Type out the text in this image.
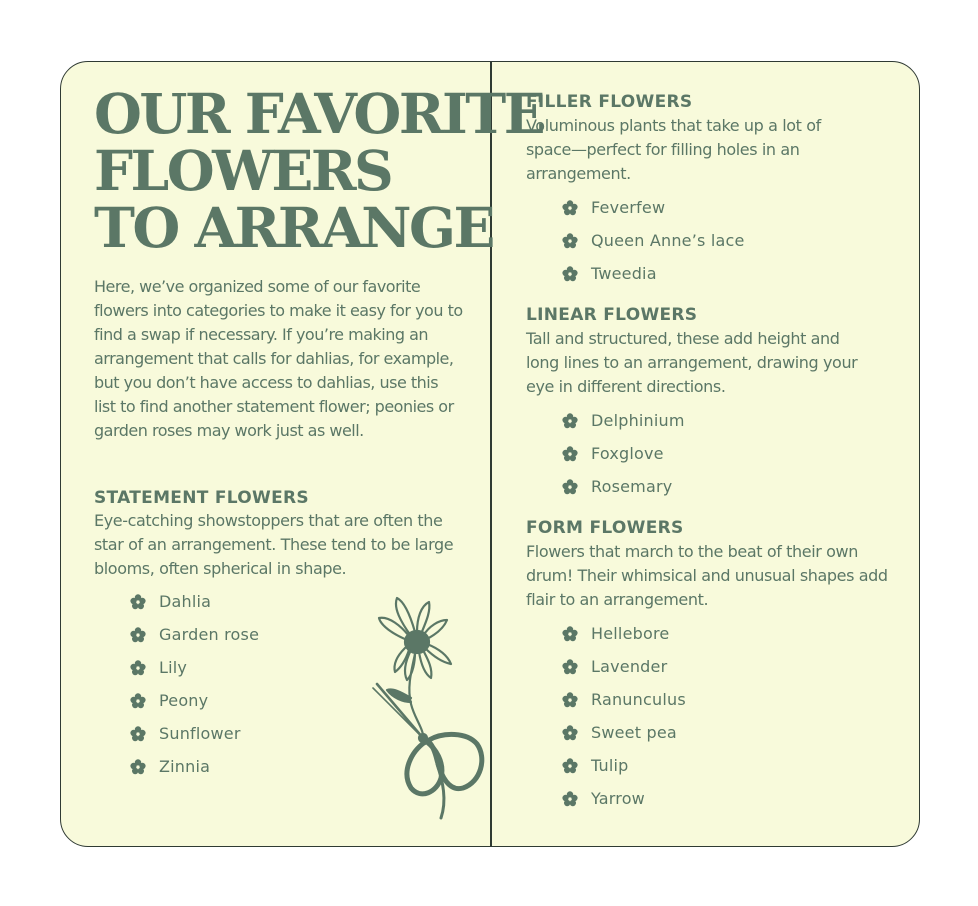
OUR FAVORITE
FLOWERS
TO ARRANGE

Here, we’ve organized some of our favorite flowers into categories to make it easy for you to find a swap if necessary. If you’re making an arrangement that calls for dahlias, for example, but you don’t have access to dahlias, use this list to find another statement flower; peonies or garden roses may work just as well.

STATEMENT FLOWERS

Eye-catching showstoppers that are often the star of an arrangement. These tend to be large blooms, often spherical in shape.

Dahlia
Garden rose
Lily
Peony
Sunflower
Zinnia
FILLER FLOWERS

Voluminous plants that take up a lot of space—perfect for filling holes in an arrangement.

Feverfew
Queen Anne’s lace
Tweedia
LINEAR FLOWERS

Tall and structured, these add height and long lines to an arrangement, drawing your eye in different directions.

Delphinium
Foxglove
Rosemary
FORM FLOWERS

Flowers that march to the beat of their own drum! Their whimsical and unusual shapes add flair to an arrangement.

Hellebore
Lavender
Ranunculus
Sweet pea
Tulip
Yarrow
